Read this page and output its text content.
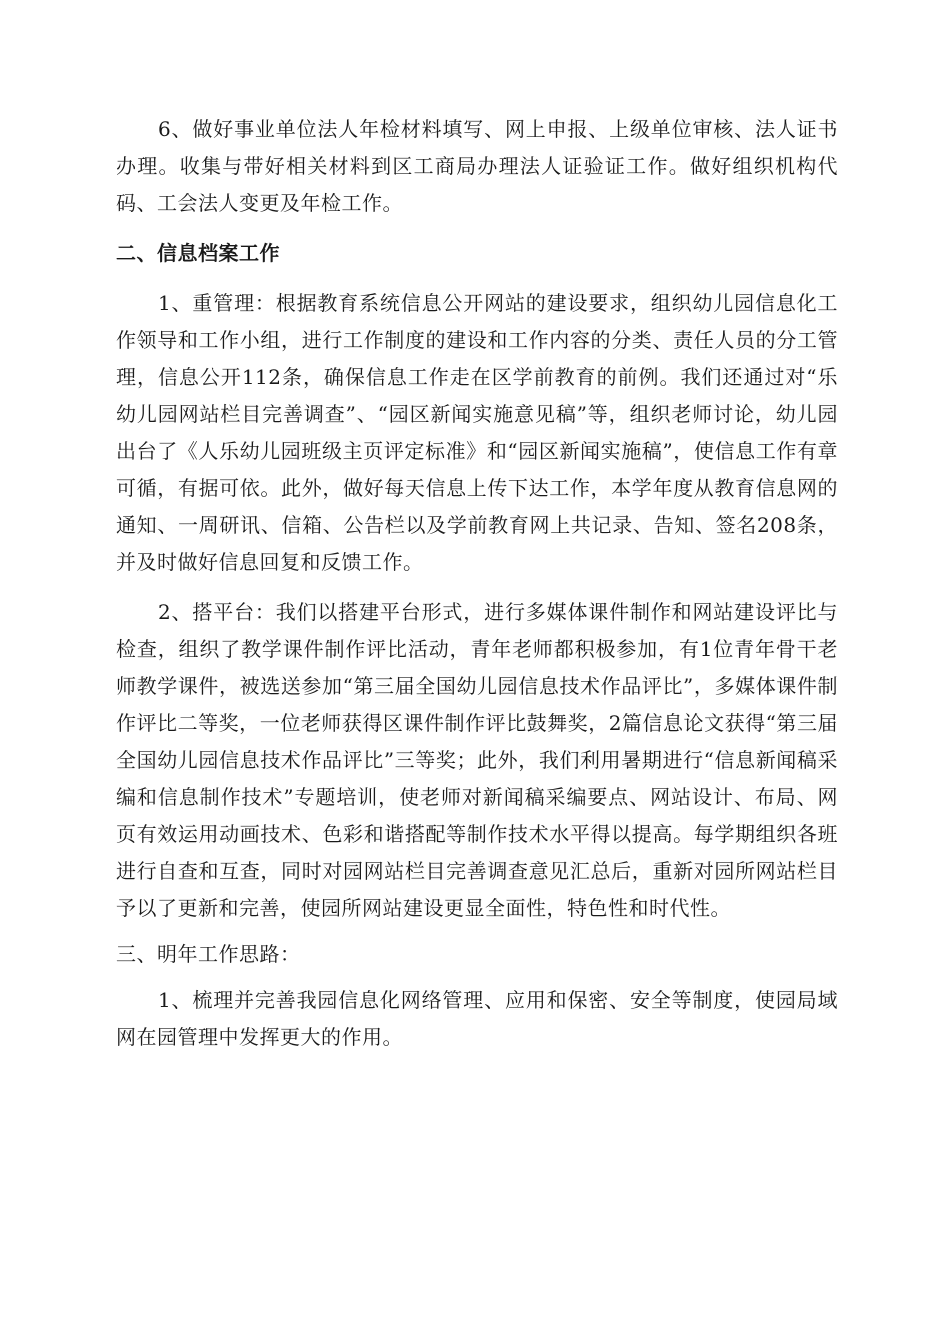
6、做好事业单位法人年检材料填写、网上申报、上级单位审核、法人证书办理。收集与带好相关材料到区工商局办理法人证验证工作。做好组织机构代码、工会法人变更及年检工作。

二、信息档案工作

1、重管理：根据教育系统信息公开网站的建设要求，组织幼儿园信息化工作领导和工作小组，进行工作制度的建设和工作内容的分类、责任人员的分工管理，信息公开112条，确保信息工作走在区学前教育的前例。我们还通过对“乐幼儿园网站栏目完善调查”、“园区新闻实施意见稿”等，组织老师讨论，幼儿园出台了《人乐幼儿园班级主页评定标准》和“园区新闻实施稿”，使信息工作有章可循，有据可依。此外，做好每天信息上传下达工作，本学年度从教育信息网的通知、一周研讯、信箱、公告栏以及学前教育网上共记录、告知、签名208条，并及时做好信息回复和反馈工作。

2、搭平台：我们以搭建平台形式，进行多媒体课件制作和网站建设评比与检查，组织了教学课件制作评比活动，青年老师都积极参加，有1位青年骨干老师教学课件，被选送参加“第三届全国幼儿园信息技术作品评比”，多媒体课件制作评比二等奖，一位老师获得区课件制作评比鼓舞奖，2篇信息论文获得“第三届全国幼儿园信息技术作品评比”三等奖；此外，我们利用暑期进行“信息新闻稿采编和信息制作技术”专题培训，使老师对新闻稿采编要点、网站设计、布局、网页有效运用动画技术、色彩和谐搭配等制作技术水平得以提高。每学期组织各班进行自查和互查，同时对园网站栏目完善调查意见汇总后，重新对园所网站栏目予以了更新和完善，使园所网站建设更显全面性，特色性和时代性。

三、明年工作思路：

1、梳理并完善我园信息化网络管理、应用和保密、安全等制度，使园局域网在园管理中发挥更大的作用。
